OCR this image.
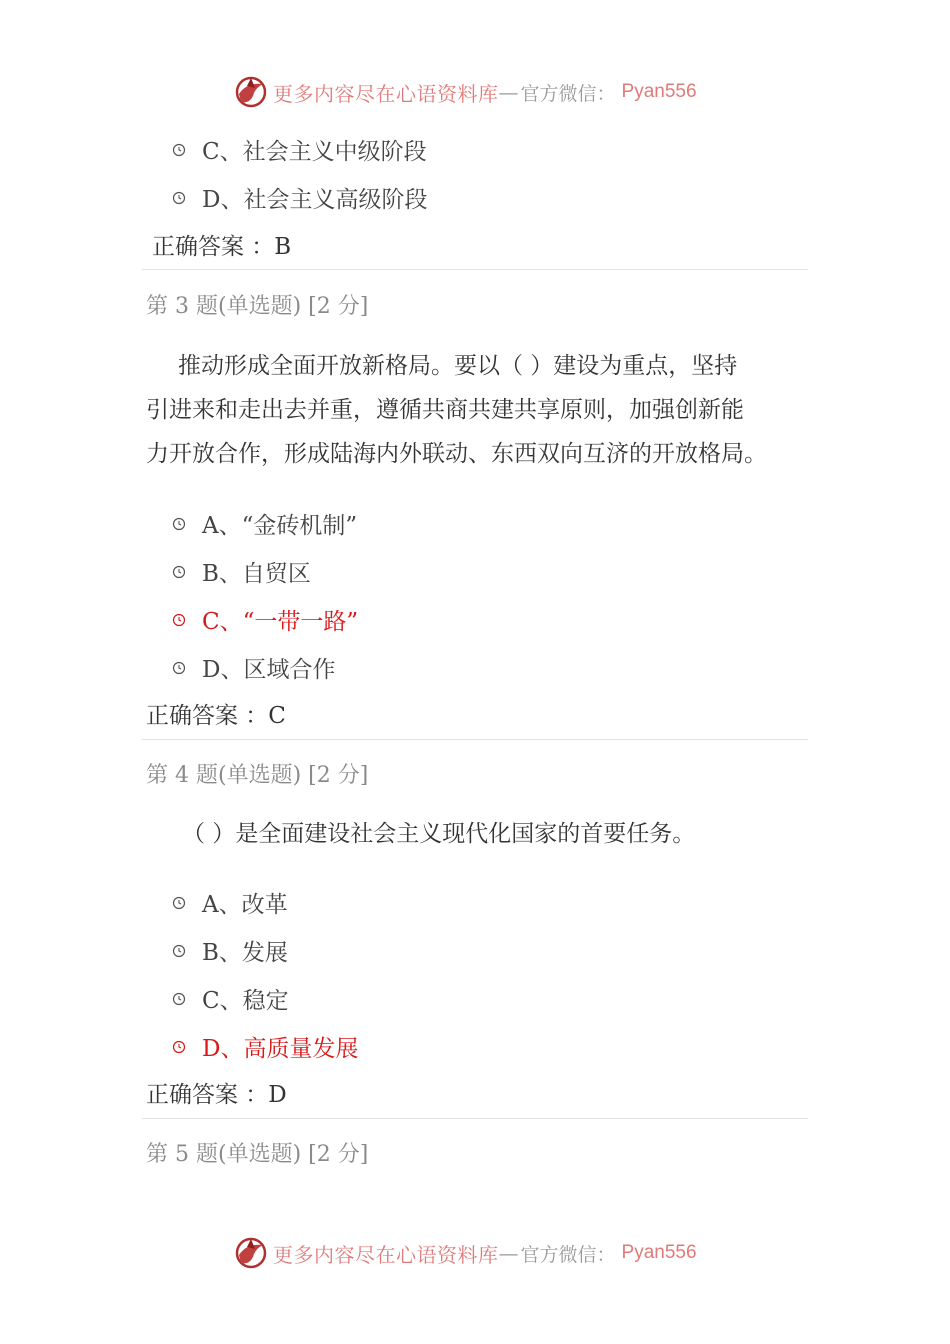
更多内容尽在心语资料库 — 官方微信： Pyan556
C、社会主义中级阶段
D、社会主义高级阶段
正确答案 ：B
第 3 题(单选题) [2 分]
推动形成全面开放新格局。要以（ ）建设为重点，坚持
引进来和走出去并重，遵循共商共建共享原则，加强创新能
力开放合作，形成陆海内外联动、东西双向互济的开放格局。
A、“金砖机制”
B、自贸区
C、“一带一路”
D、区域合作
正确答案 ：C
第 4 题(单选题) [2 分]
（ ）是全面建设社会主义现代化国家的首要任务。
A、改革
B、发展
C、稳定
D、高质量发展
正确答案 ：D
第 5 题(单选题) [2 分]
更多内容尽在心语资料库 — 官方微信： Pyan556
